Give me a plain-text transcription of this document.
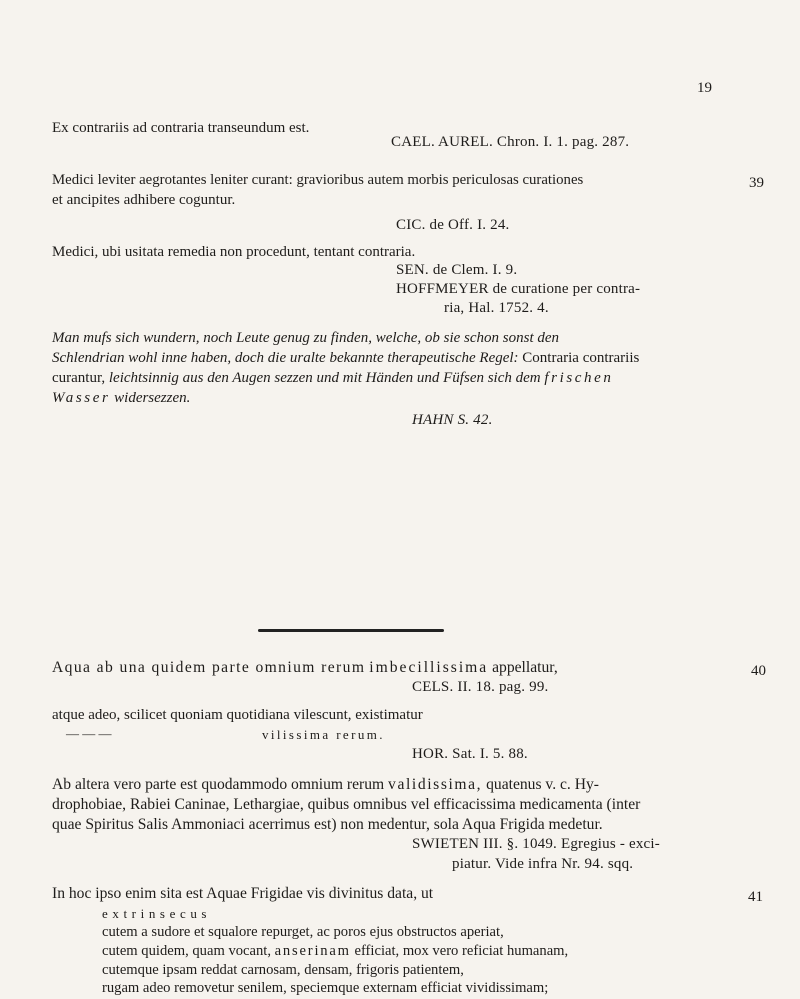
19
Ex contrariis ad contraria transeundum est.
CAEL. AUREL. Chron. I. 1. pag. 287.
Medici leviter aegrotantes leniter curant: gravioribus autem morbis periculosas curationes	39
et ancipites adhibere coguntur.
CIC. de Off. I. 24.
Medici, ubi usitata remedia non procedunt, tentant contraria.
SEN. de Clem. I. 9.
HOFFMEYER de curatione per contra-
ria, Hal. 1752. 4.
Man mufs sich wundern, noch Leute genug zu finden, welche, ob sie schon sonst den
Schlendrian wohl inne haben, doch die uralte bekannte therapeutische Regel: Contraria contrariis
curantur, leichtsinnig aus den Augen sezzen und mit Händen und Füfsen sich dem frischen
Wasser widersezzen.
HAHN S. 42.
Aqua ab una quidem parte omnium rerum imbecillissima appellatur,	40
CELS. II. 18. pag. 99.
atque adeo, scilicet quoniam quotidiana vilescunt, existimatur
— — —	vilissima rerum.
HOR. Sat. I. 5. 88.
Ab altera vero parte est quodammodo omnium rerum validissima, quatenus v. c. Hy-
drophobiae, Rabiei Caninae, Lethargiae, quibus omnibus vel efficacissima medicamenta (inter
quae Spiritus Salis Ammoniaci acerrimus est) non medentur, sola Aqua Frigida medetur.
SWIETEN III. §. 1049. Egregius - exci-
piatur. Vide infra Nr. 94. sqq.
In hoc ipso enim sita est Aquae Frigidae vis divinitus data, ut	41
extrinsecus
cutem a sudore et squalore repurget, ac poros ejus obstructos aperiat,
cutem quidem, quam vocant, anserinam efficiat, mox vero reficiat humanam,
cutemque ipsam reddat carnosam, densam, frigoris patientem,
rugam adeo removetur senilem, speciemque externam efficiat vividissimam;
